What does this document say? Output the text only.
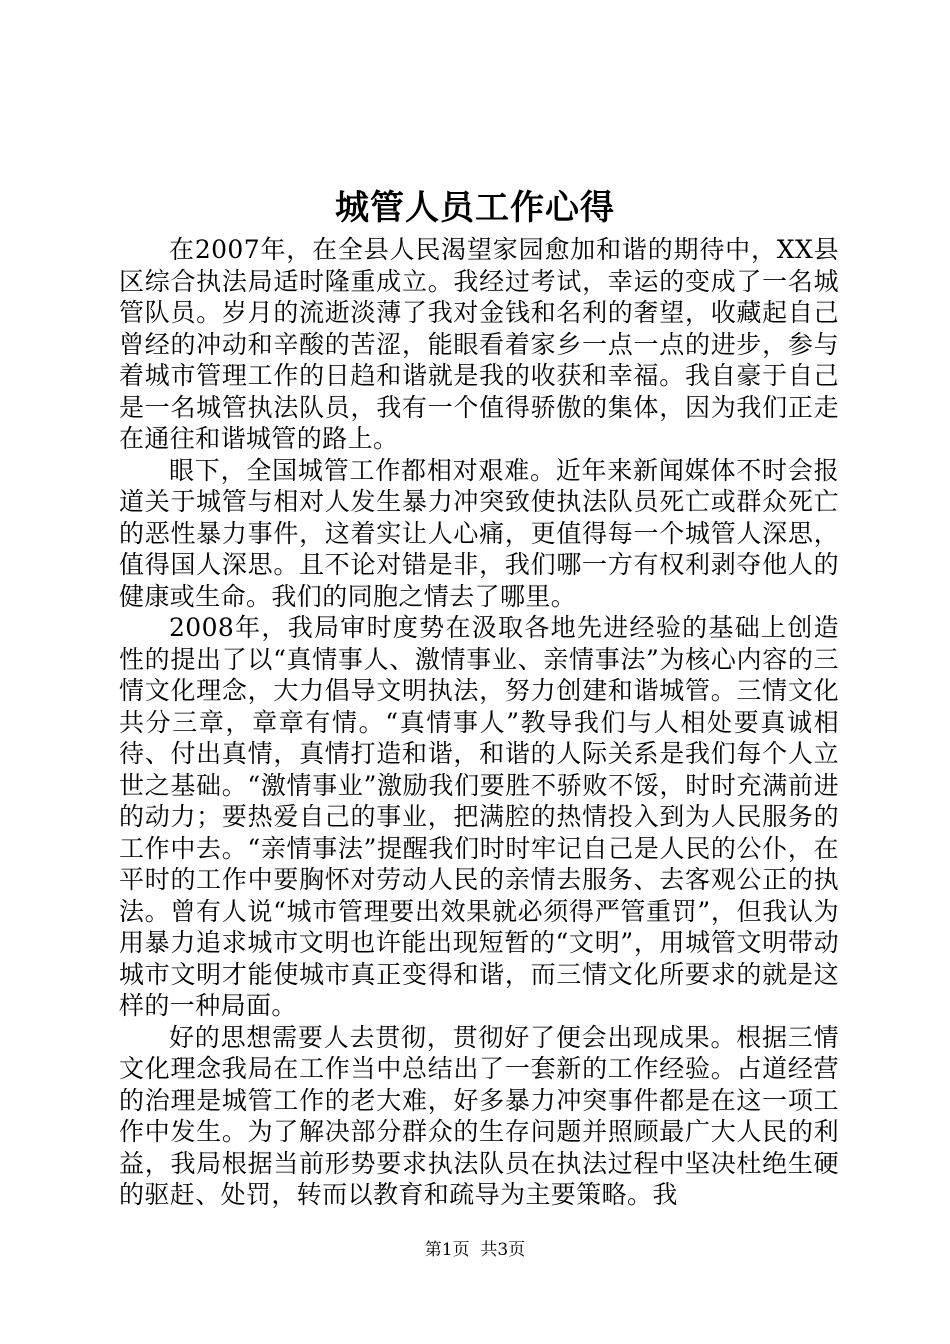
城管人员工作心得

在2007年，在全县人民渴望家园愈加和谐的期待中，XX县区综合执法局适时隆重成立。我经过考试，幸运的变成了一名城管队员。岁月的流逝淡薄了我对金钱和名利的奢望，收藏起自己曾经的冲动和辛酸的苦涩，能眼看着家乡一点一点的进步，参与着城市管理工作的日趋和谐就是我的收获和幸福。我自豪于自己是一名城管执法队员，我有一个值得骄傲的集体，因为我们正走在通往和谐城管的路上。

眼下，全国城管工作都相对艰难。近年来新闻媒体不时会报道关于城管与相对人发生暴力冲突致使执法队员死亡或群众死亡的恶性暴力事件，这着实让人心痛，更值得每一个城管人深思，值得国人深思。且不论对错是非，我们哪一方有权利剥夺他人的健康或生命。我们的同胞之情去了哪里。

2008年，我局审时度势在汲取各地先进经验的基础上创造性的提出了以“真情事人、激情事业、亲情事法”为核心内容的三情文化理念，大力倡导文明执法，努力创建和谐城管。三情文化共分三章，章章有情。“真情事人”教导我们与人相处要真诚相待、付出真情，真情打造和谐，和谐的人际关系是我们每个人立世之基础。“激情事业”激励我们要胜不骄败不馁，时时充满前进的动力；要热爱自己的事业，把满腔的热情投入到为人民服务的工作中去。“亲情事法”提醒我们时时牢记自己是人民的公仆，在平时的工作中要胸怀对劳动人民的亲情去服务、去客观公正的执法。曾有人说“城市管理要出效果就必须得严管重罚”，但我认为用暴力追求城市文明也许能出现短暂的“文明”，用城管文明带动城市文明才能使城市真正变得和谐，而三情文化所要求的就是这样的一种局面。

好的思想需要人去贯彻，贯彻好了便会出现成果。根据三情文化理念我局在工作当中总结出了一套新的工作经验。占道经营的治理是城管工作的老大难，好多暴力冲突事件都是在这一项工作中发生。为了解决部分群众的生存问题并照顾最广大人民的利益，我局根据当前形势要求执法队员在执法过程中坚决杜绝生硬的驱赶、处罚，转而以教育和疏导为主要策略。我

第1页  共3页
